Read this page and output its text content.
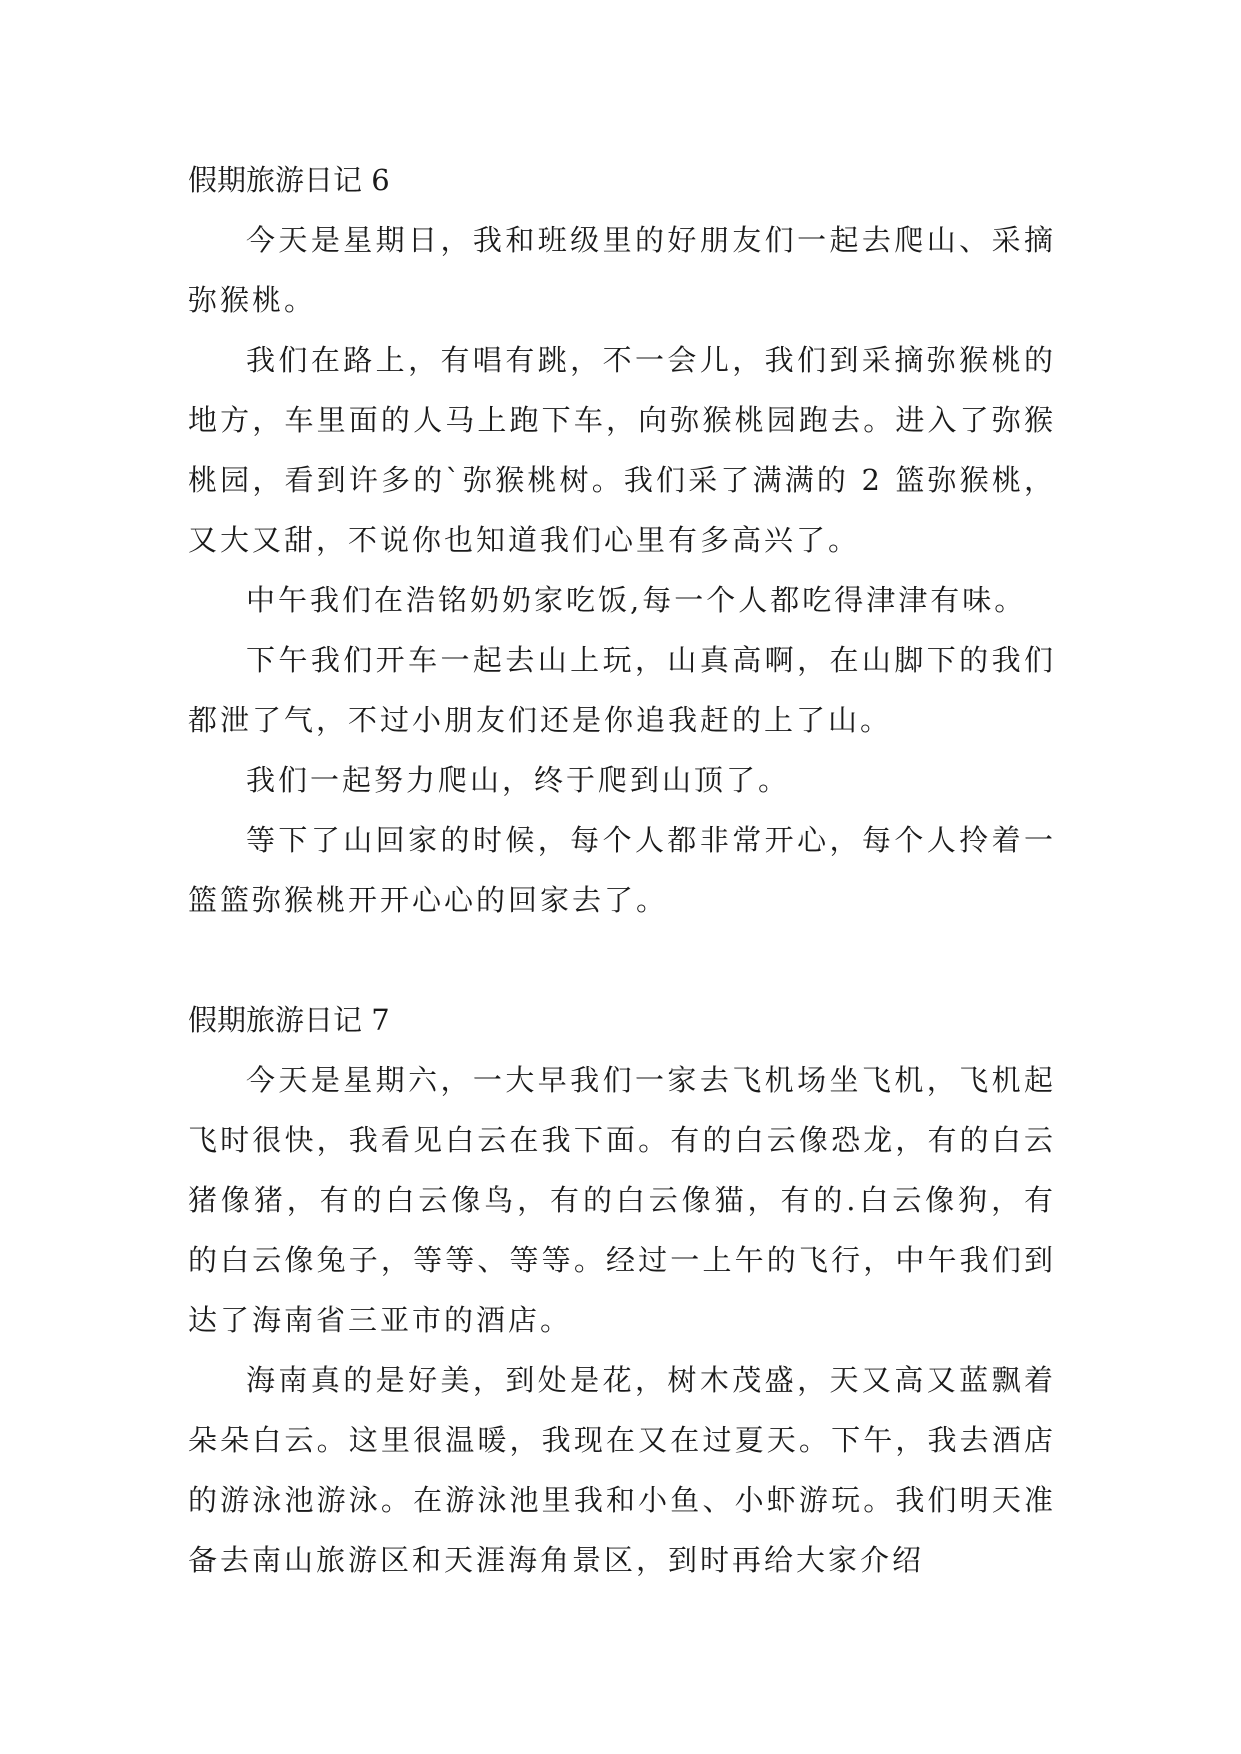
假期旅游日记 6

今天是星期日，我和班级里的好朋友们一起去爬山、采摘弥猴桃。

我们在路上，有唱有跳，不一会儿，我们到采摘弥猴桃的地方，车里面的人马上跑下车，向弥猴桃园跑去。进入了弥猴桃园，看到许多的`弥猴桃树。我们采了满满的 2 篮弥猴桃，又大又甜，不说你也知道我们心里有多高兴了。

中午我们在浩铭奶奶家吃饭,每一个人都吃得津津有味。

下午我们开车一起去山上玩，山真高啊，在山脚下的我们都泄了气，不过小朋友们还是你追我赶的上了山。

我们一起努力爬山，终于爬到山顶了。

等下了山回家的时候，每个人都非常开心，每个人拎着一篮篮弥猴桃开开心心的回家去了。

假期旅游日记 7

今天是星期六，一大早我们一家去飞机场坐飞机，飞机起飞时很快，我看见白云在我下面。有的白云像恐龙，有的白云猪像猪，有的白云像鸟，有的白云像猫，有的.白云像狗，有的白云像兔子，等等、等等。经过一上午的飞行，中午我们到达了海南省三亚市的酒店。

海南真的是好美，到处是花，树木茂盛，天又高又蓝飘着朵朵白云。这里很温暖，我现在又在过夏天。下午，我去酒店的游泳池游泳。在游泳池里我和小鱼、小虾游玩。我们明天准备去南山旅游区和天涯海角景区，到时再给大家介绍
